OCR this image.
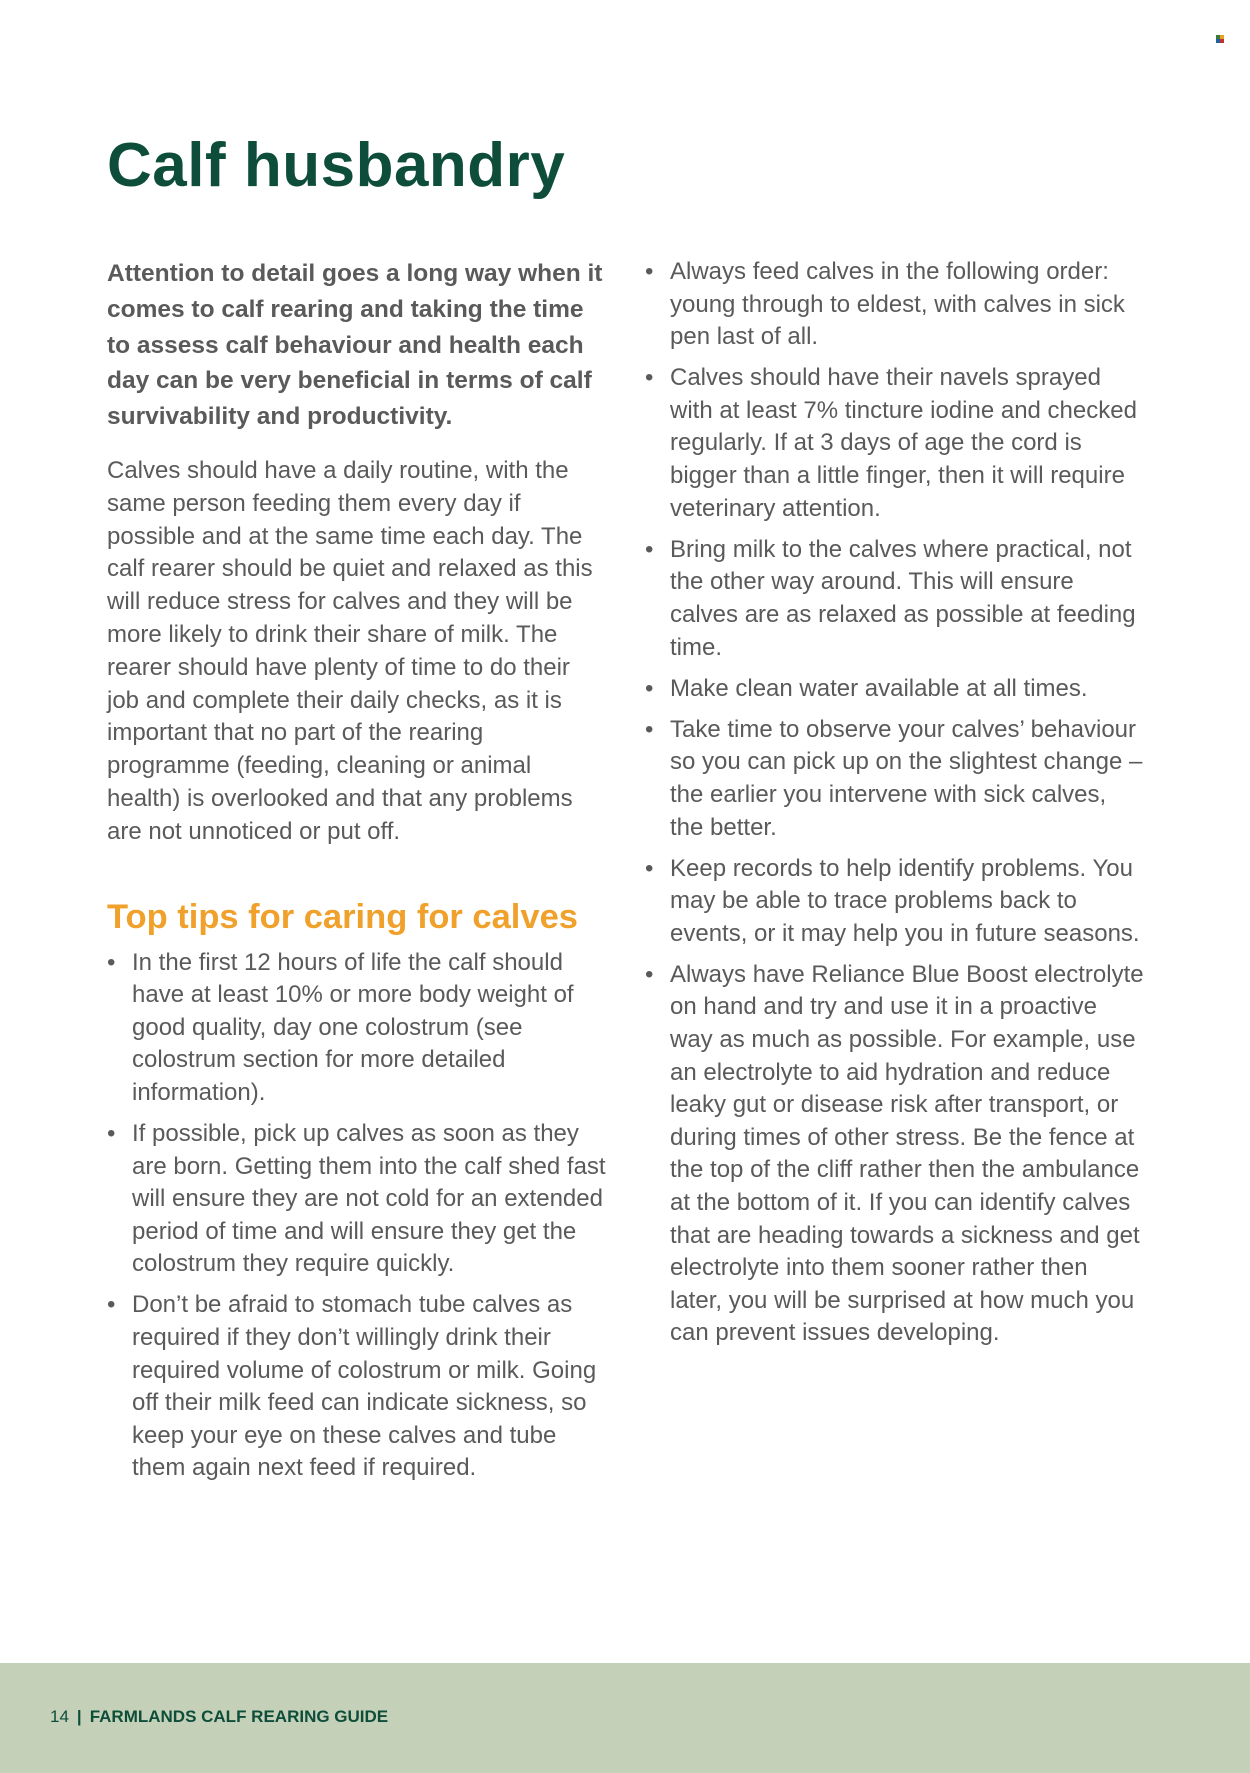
Calf husbandry

Attention to detail goes a long way when it comes to calf rearing and taking the time to assess calf behaviour and health each day can be very beneficial in terms of calf survivability and productivity.

Calves should have a daily routine, with the same person feeding them every day if possible and at the same time each day. The calf rearer should be quiet and relaxed as this will reduce stress for calves and they will be more likely to drink their share of milk. The rearer should have plenty of time to do their job and complete their daily checks, as it is important that no part of the rearing programme (feeding, cleaning or animal health) is overlooked and that any problems are not unnoticed or put off.

Top tips for caring for calves
• In the first 12 hours of life the calf should have at least 10% or more body weight of good quality, day one colostrum (see colostrum section for more detailed information).
• If possible, pick up calves as soon as they are born. Getting them into the calf shed fast will ensure they are not cold for an extended period of time and will ensure they get the colostrum they require quickly.
• Don’t be afraid to stomach tube calves as required if they don’t willingly drink their required volume of colostrum or milk. Going off their milk feed can indicate sickness, so keep your eye on these calves and tube them again next feed if required.
• Always feed calves in the following order: young through to eldest, with calves in sick pen last of all.
• Calves should have their navels sprayed with at least 7% tincture iodine and checked regularly. If at 3 days of age the cord is bigger than a little finger, then it will require veterinary attention.
• Bring milk to the calves where practical, not the other way around. This will ensure calves are as relaxed as possible at feeding time.
• Make clean water available at all times.
• Take time to observe your calves’ behaviour so you can pick up on the slightest change – the earlier you intervene with sick calves, the better.
• Keep records to help identify problems. You may be able to trace problems back to events, or it may help you in future seasons.
• Always have Reliance Blue Boost electrolyte on hand and try and use it in a proactive way as much as possible. For example, use an electrolyte to aid hydration and reduce leaky gut or disease risk after transport, or during times of other stress. Be the fence at the top of the cliff rather then the ambulance at the bottom of it. If you can identify calves that are heading towards a sickness and get electrolyte into them sooner rather then later, you will be surprised at how much you can prevent issues developing.
14 | FARMLANDS CALF REARING GUIDE
